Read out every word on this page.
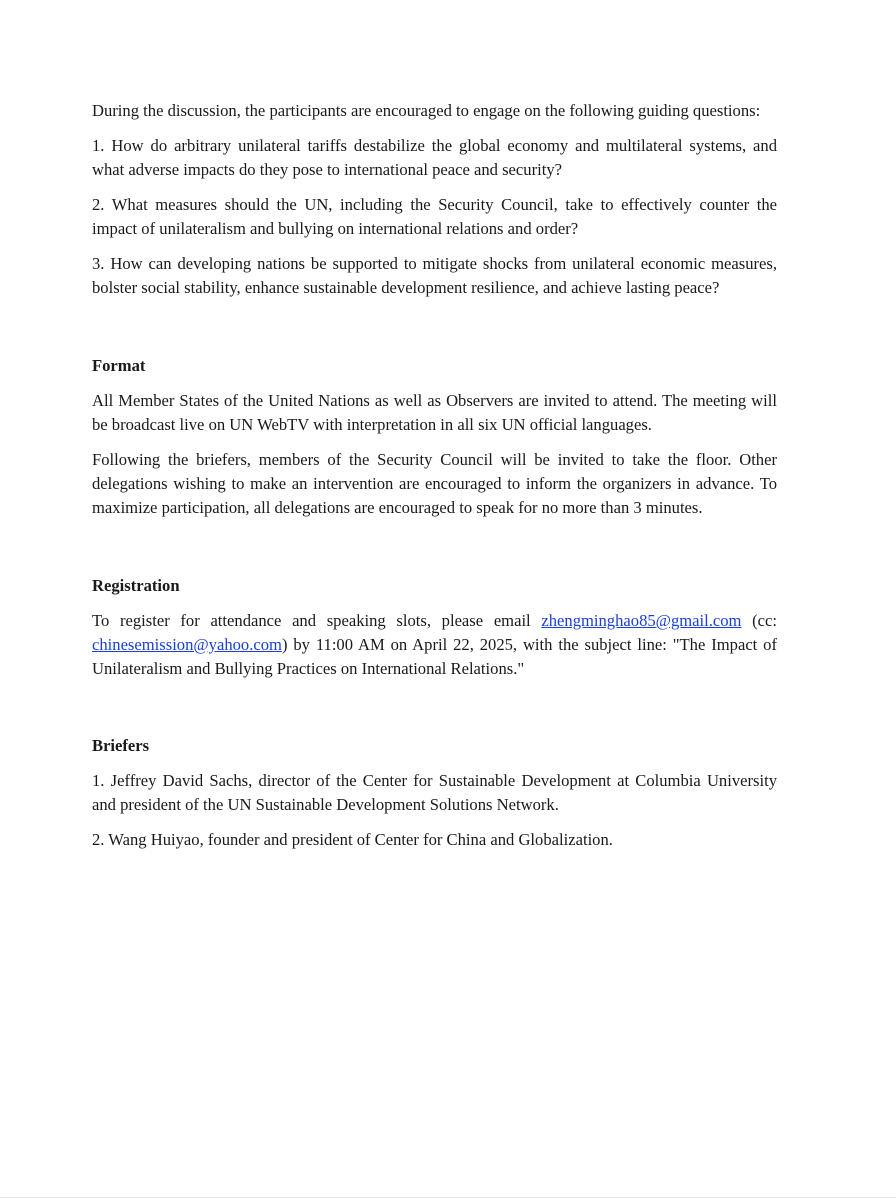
During the discussion, the participants are encouraged to engage on the following guiding questions:

1. How do arbitrary unilateral tariffs destabilize the global economy and multilateral systems, and what adverse impacts do they pose to international peace and security?

2. What measures should the UN, including the Security Council, take to effectively counter the impact of unilateralism and bullying on international relations and order?

3. How can developing nations be supported to mitigate shocks from unilateral economic measures, bolster social stability, enhance sustainable development resilience, and achieve lasting peace?

Format

All Member States of the United Nations as well as Observers are invited to attend. The meeting will be broadcast live on UN WebTV with interpretation in all six UN official languages.

Following the briefers, members of the Security Council will be invited to take the floor. Other delegations wishing to make an intervention are encouraged to inform the organizers in advance. To maximize participation, all delegations are encouraged to speak for no more than 3 minutes.

Registration

To register for attendance and speaking slots, please email zhengminghao85@gmail.com (cc: chinesemission@yahoo.com) by 11:00 AM on April 22, 2025, with the subject line: "The Impact of Unilateralism and Bullying Practices on International Relations."

Briefers

1. Jeffrey David Sachs, director of the Center for Sustainable Development at Columbia University and president of the UN Sustainable Development Solutions Network.

2. Wang Huiyao, founder and president of Center for China and Globalization.
